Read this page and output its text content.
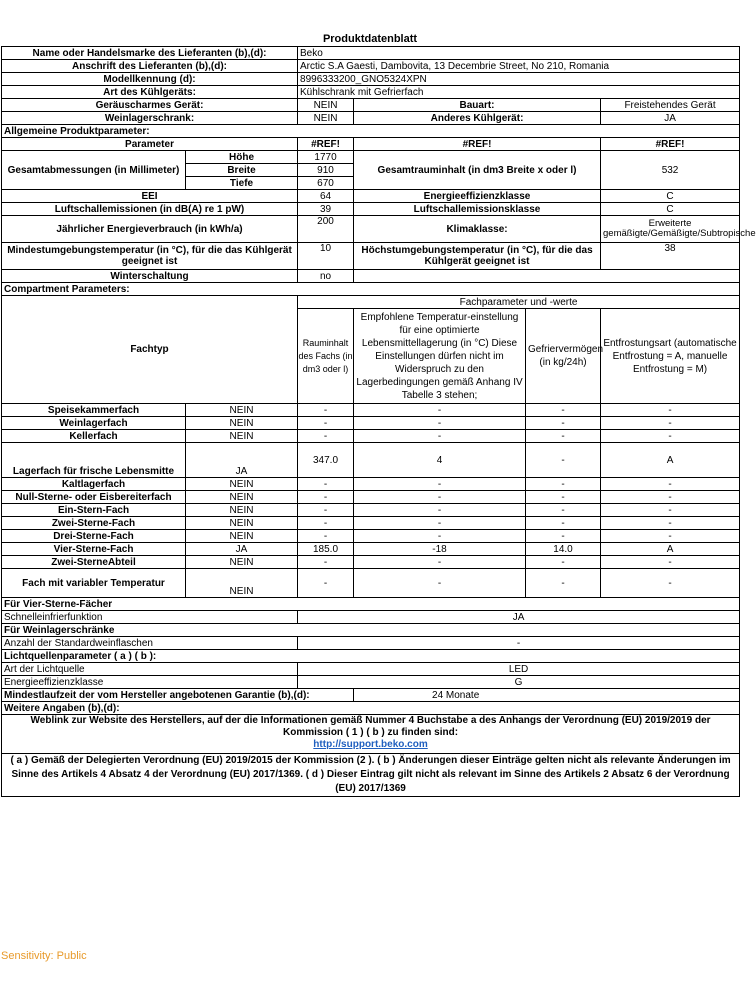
Produktdatenblatt
Name oder Handelsmarke des Lieferanten (b),(d):		Beko			
Anschrift des Lieferanten (b),(d):		Arctic S.A Gaesti, Dambovita, 13 Decembrie Street, No 210, Romania			
Modellkennung (d):		8996333200_GNO5324XPN			
Art des Kühlgeräts:		Kühlschrank mit Gefrierfach			
Geräuscharmes Gerät:		NEIN	Bauart:		Freistehendes Gerät
Weinlagerschrank:		NEIN	Anderes Kühlgerät:		JA
Allgemeine Produktparameter:					
Parameter		#REF!	#REF!		#REF!
Gesamtabmessungen (in Millimeter)	Höhe	1770	Gesamtrauminhalt (in dm3 Breite x oder l)		532
	Breite	910			
	Tiefe	670			
EEI		64	Energieeffizienzklasse		C
Luftschallemissionen (in dB(A) re 1 pW)		39	Luftschallemissionsklasse		C
Jährlicher Energieverbrauch (in kWh/a)		200	Klimaklasse:		Erweiterte gemäßigte/Gemäßigte/Subtropische
Mindestumgebungstemperatur (in °C), für die das Kühlgerät geeignet ist		10	Höchstumgebungstemperatur (in °C), für die das Kühlgerät geeignet ist		38
Winterschaltung		no			
Compartment Parameters:					
Fachtyp		Fachparameter und -werte			
		Rauminhalt des Fachs (in dm3 oder l)	Empfohlene Temperatur-einstellung für eine optimierte Lebensmittellagerung (in °C) Diese Einstellungen dürfen nicht im Widerspruch zu den Lagerbedingungen gemäß Anhang IV Tabelle 3 stehen;	Gefriervermögen (in kg/24h)	Entfrostungsart (automatische Entfrostung = A, manuelle Entfrostung = M)
Speisekammerfach	NEIN	-	-	-	-
Weinlagerfach	NEIN	-	-	-	-
Kellerfach	NEIN	-	-	-	-
Lagerfach für frische Lebensmitte	JA	347.0	4	-	A
Kaltlagerfach	NEIN	-	-	-	-
Null-Sterne- oder Eisbereiterfach	NEIN	-	-	-	-
Ein-Stern-Fach	NEIN	-	-	-	-
Zwei-Sterne-Fach	NEIN	-	-	-	-
Drei-Sterne-Fach	NEIN	-	-	-	-
Vier-Sterne-Fach	JA	185.0	-18	14.0	A
Zwei-SterneAbteil	NEIN	-	-	-	-
Fach mit variabler Temperatur	NEIN	-	-	-	-
Für Vier-Sterne-Fächer					
Schnelleinfrierfunktion		JA			
Für Weinlagerschränke					
Anzahl der Standardweinflaschen		-			
Lichtquellenparameter ( a ) ( b ):					
Art der Lichtquelle		LED			
Energieeffizienzklasse		G			
Mindestlaufzeit der vom Hersteller angebotenen Garantie (b),(d):			24 Monate		
Weitere Angaben (b),(d):					

Weblink zur Website des Herstellers, auf der die Informationen gemäß Nummer 4 Buchstabe a des Anhangs der Verordnung (EU) 2019/2019 der Kommission ( 1 ) ( b ) zu finden sind:
http://support.beko.com					

( a ) Gemäß der Delegierten Verordnung (EU) 2019/2015 der Kommission (2 ). ( b ) Änderungen dieser Einträge gelten nicht als relevante Änderungen im Sinne des Artikels 4 Absatz 4 der Verordnung (EU) 2017/1369. ( d ) Dieser Eintrag gilt nicht als relevant im Sinne des Artikels 2 Absatz 6 der Verordnung (EU) 2017/1369					
Sensitivity: Public
